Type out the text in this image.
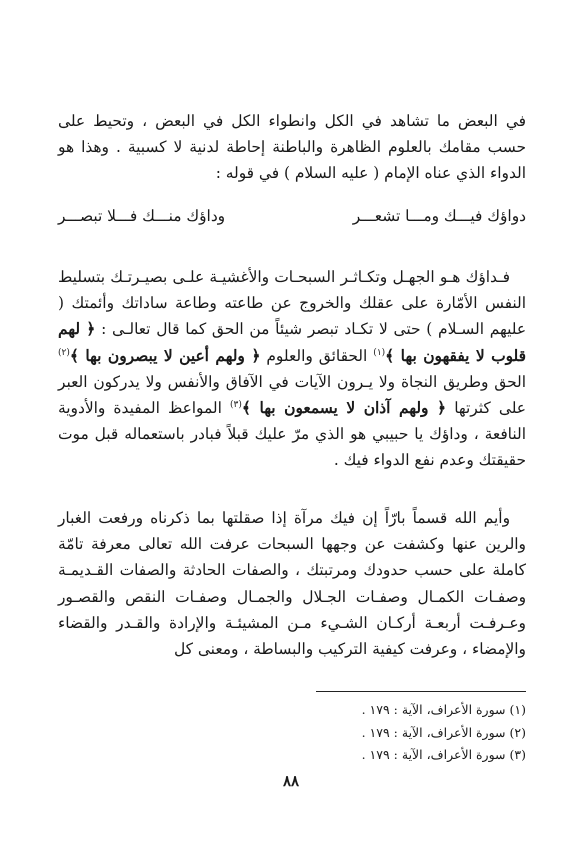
في البعض ما تشاهد في الكل وانطواء الكل في البعض ، وتحيط على حسب مقامك بالعلوم الظاهرة والباطنة إحاطة لدنية لا كسبية . وهذا هو الدواء الذي عناه الإمام ( عليه السلام ) في قوله :

دواؤك فيـــك ومـــا تشعـــر
وداؤك منـــك فـــلا تبصـــر

فـداؤك هـو الجهـل وتكـاثـر السبحـات والأغشيـة علـى بصيـرتـك بتسليط النفس الأمّارة على عقلك والخروج عن طاعته وطاعة ساداتك وأئمتك ( عليهم السـلام ) حتى لا تكـاد تبصر شيئاً من الحق كما قال تعالـى : ﴿ لهم قلوب لا يفقهون بها ﴾$^{(١)}$ الحقائق والعلوم ﴿ ولهم أعين لا يبصرون بها ﴾$^{(٢)}$ الحق وطريق النجاة ولا يـرون الآيات في الآفاق والأنفس ولا يدركون العبر على كثرتها ﴿ ولهم آذان لا يسمعون بها ﴾$^{(٣)}$ المواعظ المفيدة والأدوية النافعة ، وداؤك يا حبيبي هو الذي مرّ عليك قبلاً فبادر باستعماله قبل موت حقيقتك وعدم نفع الدواء فيك .

وأيم الله قسماً بارّاً إن فيك مرآة إذا صقلتها بما ذكرناه ورفعت الغبار والرين عنها وكشفت عن وجهها السبحات عرفت الله تعالى معرفة تامّة كاملة على حسب حدودك ومرتبتك ، والصفات الحادثة والصفات القـديمـة وصفـات الكمـال وصفـات الجـلال والجمـال وصفـات النقص والقصـور وعـرفـت أربعـة أركـان الشـيء مـن المشيئـة والإرادة والقـدر والقضاء والإمضاء ، وعرفت كيفية التركيب والبساطة ، ومعنى كل

(١) سورة الأعراف، الآية : ١٧٩ .
(٢) سورة الأعراف، الآية : ١٧٩ .
(٣) سورة الأعراف، الآية : ١٧٩ .
٨٨
